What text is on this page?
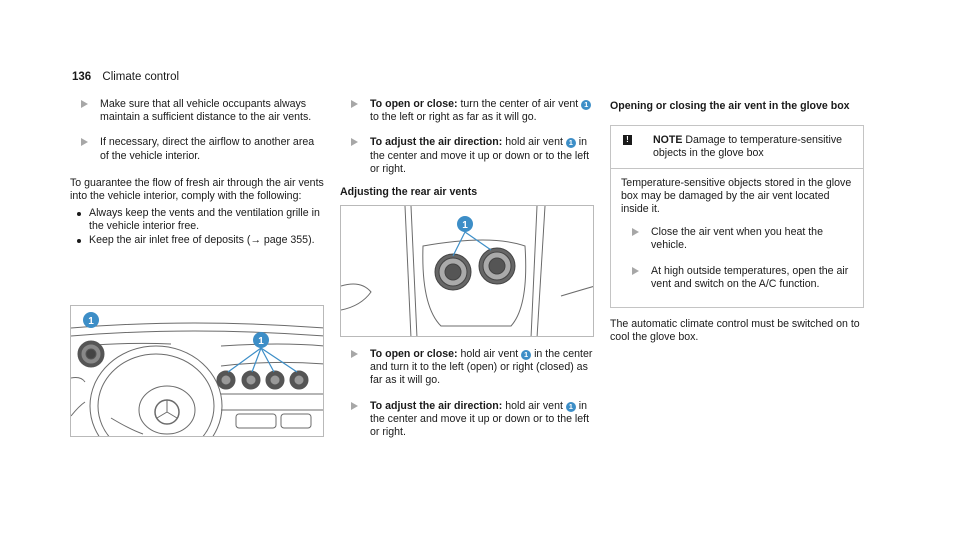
136 Climate control
Make sure that all vehicle occupants always maintain a sufficient distance to the air vents.
If necessary, direct the airflow to another area of the vehicle interior.
To guarantee the flow of fresh air through the air vents into the vehicle interior, comply with the following:
Always keep the vents and the ventilation grille in the vehicle interior free.
Keep the air inlet free of deposits (→ page 355).
1
1
To open or close: turn the center of air vent 1 to the left or right as far as it will go.
To adjust the air direction: hold air vent 1 in the center and move it up or down or to the left or right.
Adjusting the rear air vents
To open or close: hold air vent 1 in the center and turn it to the left (open) or right (closed) as far as it will go.
To adjust the air direction: hold air vent 1 in the center and move it up or down or to the left or right.
1
Opening or closing the air vent in the glove box
! NOTE Damage to temperature-sensitive objects in the glove box
Temperature-sensitive objects stored in the glove box may be damaged by the air vent located inside it.
Close the air vent when you heat the vehicle.
At high outside temperatures, open the air vent and switch on the A/C function.
The automatic climate control must be switched on to cool the glove box.
